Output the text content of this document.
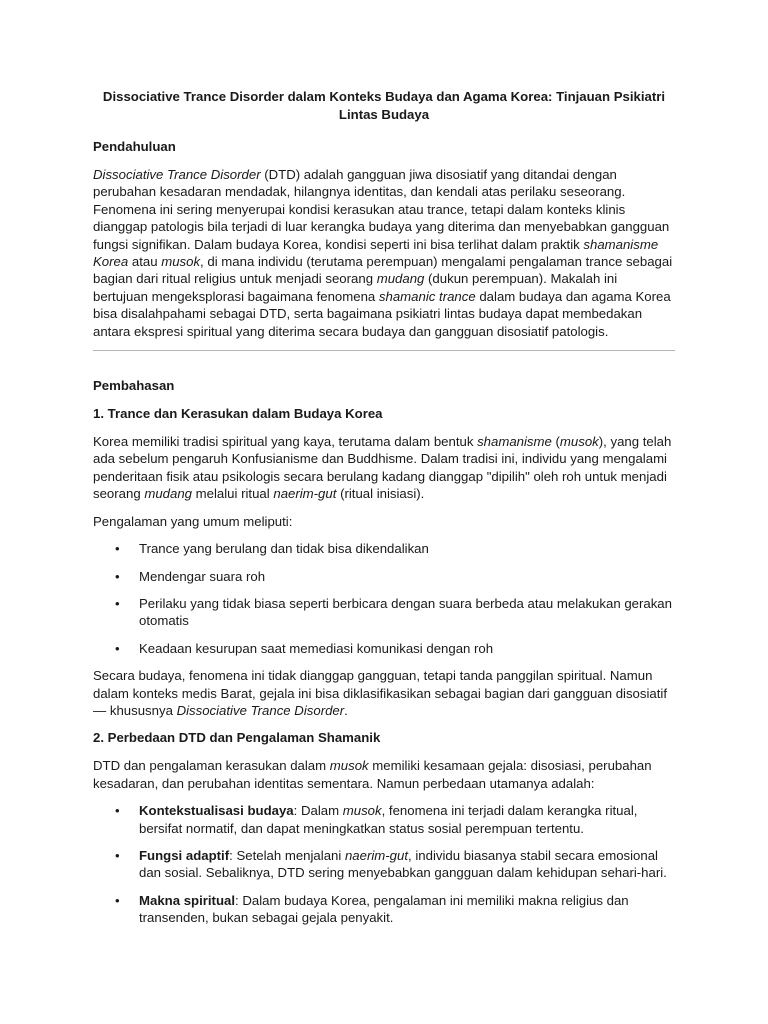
Dissociative Trance Disorder dalam Konteks Budaya dan Agama Korea: Tinjauan Psikiatri Lintas Budaya
Pendahuluan

Dissociative Trance Disorder (DTD) adalah gangguan jiwa disosiatif yang ditandai dengan perubahan kesadaran mendadak, hilangnya identitas, dan kendali atas perilaku seseorang. Fenomena ini sering menyerupai kondisi kerasukan atau trance, tetapi dalam konteks klinis dianggap patologis bila terjadi di luar kerangka budaya yang diterima dan menyebabkan gangguan fungsi signifikan. Dalam budaya Korea, kondisi seperti ini bisa terlihat dalam praktik shamanisme Korea atau musok, di mana individu (terutama perempuan) mengalami pengalaman trance sebagai bagian dari ritual religius untuk menjadi seorang mudang (dukun perempuan). Makalah ini bertujuan mengeksplorasi bagaimana fenomena shamanic trance dalam budaya dan agama Korea bisa disalahpahami sebagai DTD, serta bagaimana psikiatri lintas budaya dapat membedakan antara ekspresi spiritual yang diterima secara budaya dan gangguan disosiatif patologis.

Pembahasan
1. Trance dan Kerasukan dalam Budaya Korea

Korea memiliki tradisi spiritual yang kaya, terutama dalam bentuk shamanisme (musok), yang telah ada sebelum pengaruh Konfusianisme dan Buddhisme. Dalam tradisi ini, individu yang mengalami penderitaan fisik atau psikologis secara berulang kadang dianggap "dipilih" oleh roh untuk menjadi seorang mudang melalui ritual naerim-gut (ritual inisiasi).

Pengalaman yang umum meliputi:

• Trance yang berulang dan tidak bisa dikendalikan
• Mendengar suara roh
• Perilaku yang tidak biasa seperti berbicara dengan suara berbeda atau melakukan gerakan otomatis
• Keadaan kesurupan saat memediasi komunikasi dengan roh

Secara budaya, fenomena ini tidak dianggap gangguan, tetapi tanda panggilan spiritual. Namun dalam konteks medis Barat, gejala ini bisa diklasifikasikan sebagai bagian dari gangguan disosiatif — khususnya Dissociative Trance Disorder.

2. Perbedaan DTD dan Pengalaman Shamanik

DTD dan pengalaman kerasukan dalam musok memiliki kesamaan gejala: disosiasi, perubahan kesadaran, dan perubahan identitas sementara. Namun perbedaan utamanya adalah:

• Kontekstualisasi budaya: Dalam musok, fenomena ini terjadi dalam kerangka ritual, bersifat normatif, dan dapat meningkatkan status sosial perempuan tertentu.
• Fungsi adaptif: Setelah menjalani naerim-gut, individu biasanya stabil secara emosional dan sosial. Sebaliknya, DTD sering menyebabkan gangguan dalam kehidupan sehari-hari.
• Makna spiritual: Dalam budaya Korea, pengalaman ini memiliki makna religius dan transenden, bukan sebagai gejala penyakit.
